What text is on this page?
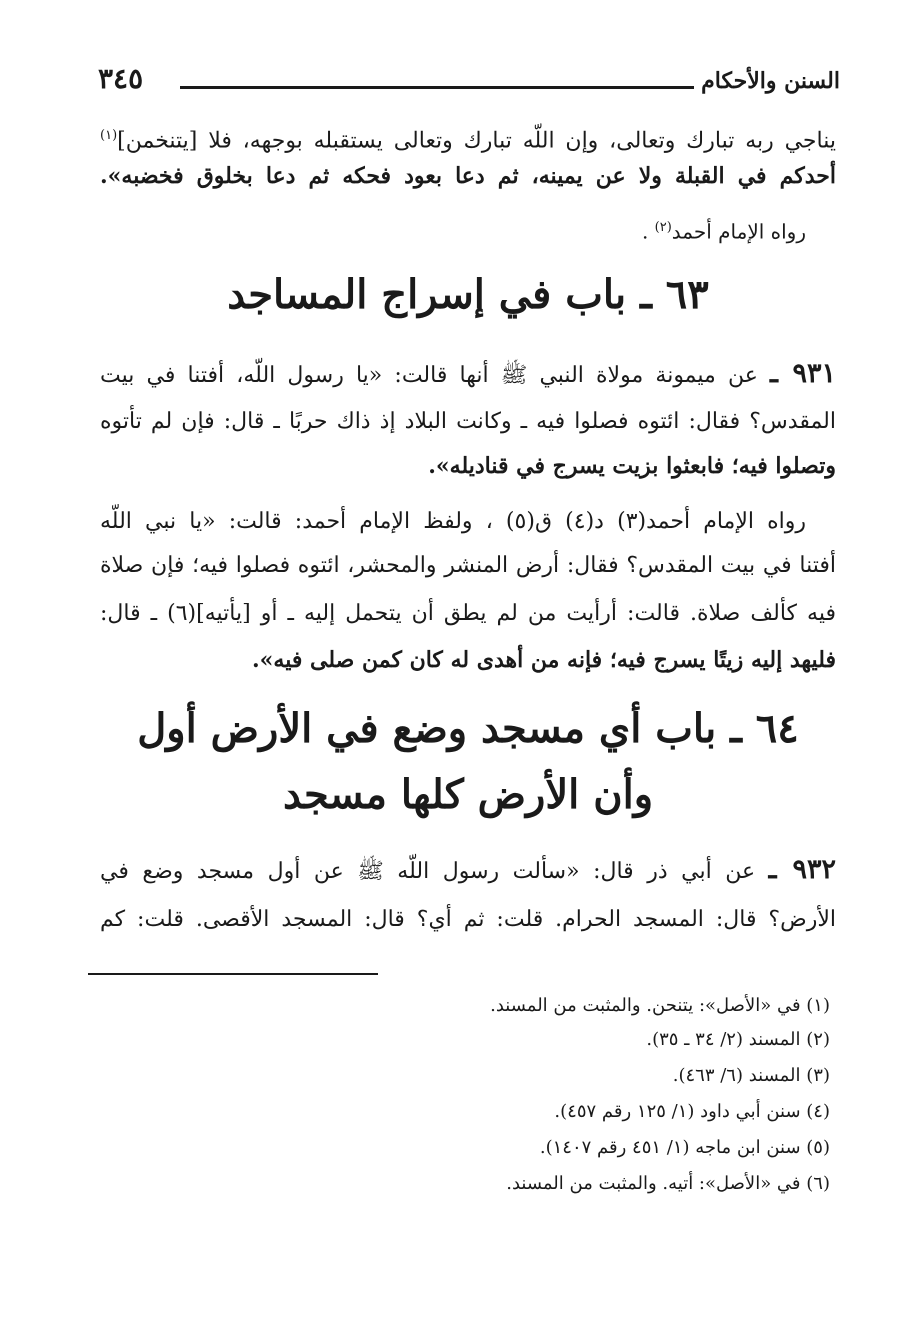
السنن والأحكام
٣٤٥
يناجي ربه تبارك وتعالى، وإن اللّه تبارك وتعالى يستقبله بوجهه، فلا [يتنخمن]$^{(١)}$
أحدكم في القبلة ولا عن يمينه، ثم دعا بعود فحكه ثم دعا بخلوق فخضبه».
رواه الإمام أحمد$^{(٢)}$ .
٦٣ ـ باب في إسراج المساجد
٩٣١ ـ عن ميمونة مولاة النبي ﷺ أنها قالت: «يا رسول اللّه، أفتنا في بيت
المقدس؟ فقال: ائتوه فصلوا فيه ـ وكانت البلاد إذ ذاك حربًا ـ قال: فإن لم تأتوه
وتصلوا فيه؛ فابعثوا بزيت يسرج في قناديله».
رواه الإمام أحمد(٣) د(٤) ق(٥) ، ولفظ الإمام أحمد: قالت: «يا نبي اللّه
أفتنا في بيت المقدس؟ فقال: أرض المنشر والمحشر، ائتوه فصلوا فيه؛ فإن صلاة
فيه كألف صلاة. قالت: أرأيت من لم يطق أن يتحمل إليه ـ أو [يأتيه](٦) ـ قال:
فليهد إليه زيتًا يسرج فيه؛ فإنه من أهدى له كان كمن صلى فيه».
٦٤ ـ باب أي مسجد وضع في الأرض أول
وأن الأرض كلها مسجد
٩٣٢ ـ عن أبي ذر قال: «سألت رسول اللّه ﷺ عن أول مسجد وضع في
الأرض؟ قال: المسجد الحرام. قلت: ثم أي؟ قال: المسجد الأقصى. قلت: كم
(١) في «الأصل»: يتنحن. والمثبت من المسند.
(٢) المسند (٢/ ٣٤ ـ ٣٥).
(٣) المسند (٦/ ٤٦٣).
(٤) سنن أبي داود (١/ ١٢٥ رقم ٤٥٧).
(٥) سنن ابن ماجه (١/ ٤٥١ رقم ١٤٠٧).
(٦) في «الأصل»: أتيه. والمثبت من المسند.
